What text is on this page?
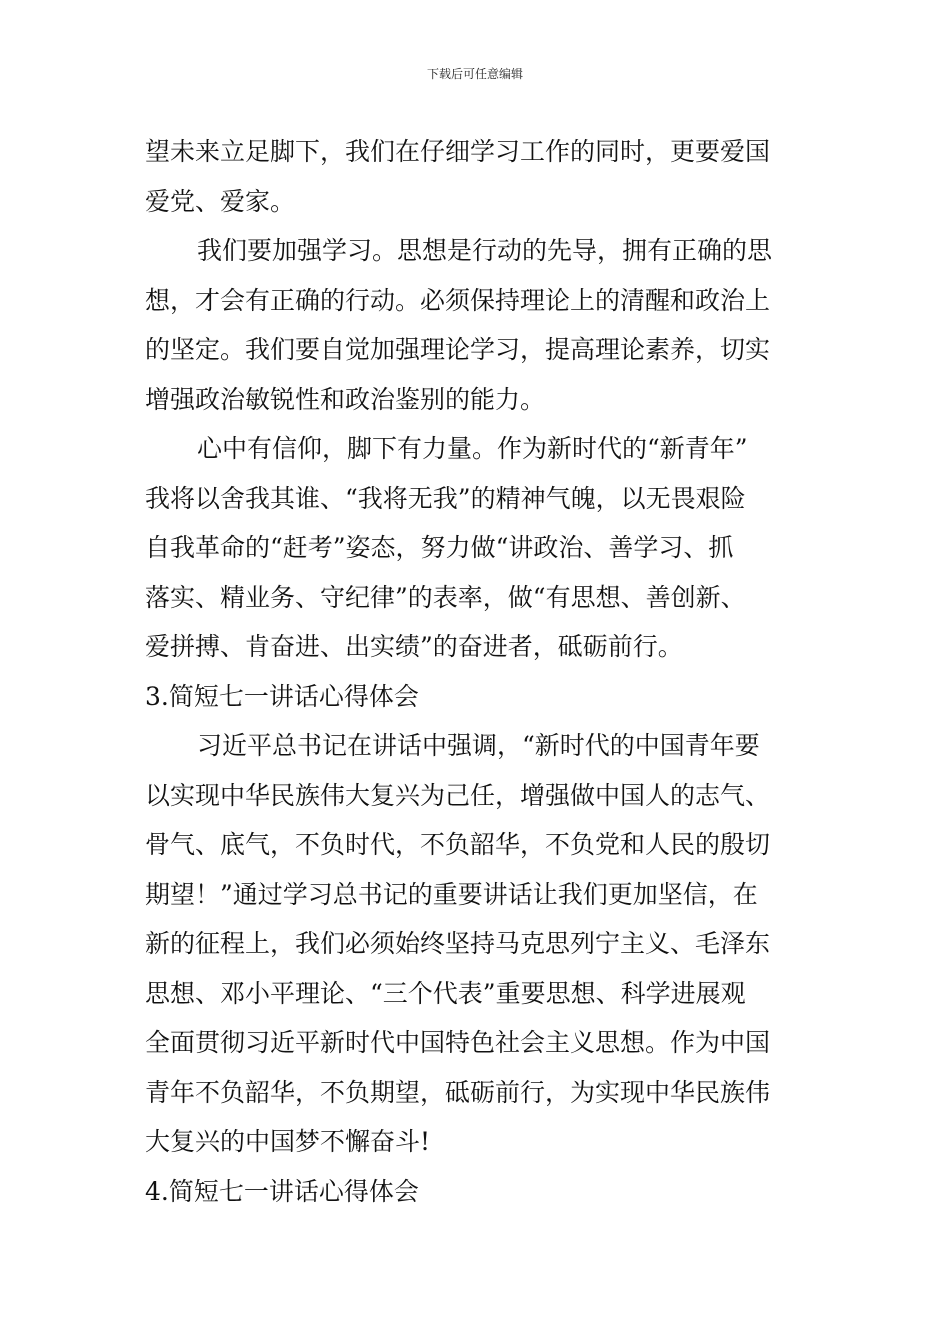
下载后可任意编辑
望未来立足脚下，我们在仔细学习工作的同时，更要爱国
爱党、爱家。
我们要加强学习。思想是行动的先导，拥有正确的思
想，才会有正确的行动。必须保持理论上的清醒和政治上
的坚定。我们要自觉加强理论学习，提高理论素养，切实
增强政治敏锐性和政治鉴别的能力。
心中有信仰，脚下有力量。作为新时代的“新青年”
我将以舍我其谁、“我将无我”的精神气魄，以无畏艰险
自我革命的“赶考”姿态，努力做“讲政治、善学习、抓
落实、精业务、守纪律”的表率，做“有思想、善创新、
爱拼搏、肯奋进、出实绩”的奋进者，砥砺前行。
3.简短七一讲话心得体会
习近平总书记在讲话中强调，“新时代的中国青年要
以实现中华民族伟大复兴为己任，增强做中国人的志气、
骨气、底气，不负时代，不负韶华，不负党和人民的殷切
期望！”通过学习总书记的重要讲话让我们更加坚信，在
新的征程上，我们必须始终坚持马克思列宁主义、毛泽东
思想、邓小平理论、“三个代表”重要思想、科学进展观
全面贯彻习近平新时代中国特色社会主义思想。作为中国
青年不负韶华，不负期望，砥砺前行，为实现中华民族伟
大复兴的中国梦不懈奋斗!
4.简短七一讲话心得体会
